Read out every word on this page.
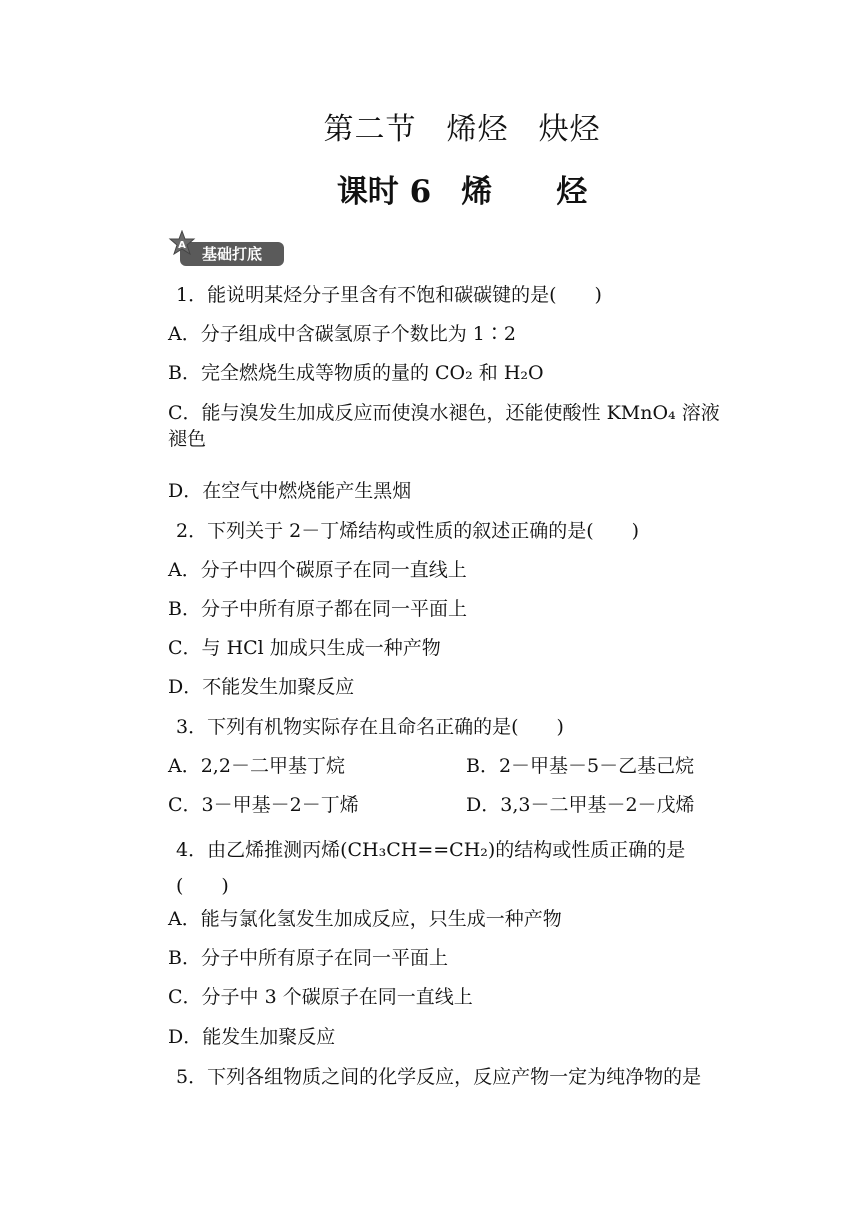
第二节 烯烃 炔烃
课时 6 烯 烃
基础打底
A
1．能说明某烃分子里含有不饱和碳碳键的是(　　)
A．分子组成中含碳氢原子个数比为 1∶2
B．完全燃烧生成等物质的量的 CO₂ 和 H₂O
C．能与溴发生加成反应而使溴水褪色，还能使酸性 KMnO₄ 溶液褪色
D．在空气中燃烧能产生黑烟
2．下列关于 2－丁烯结构或性质的叙述正确的是(　　)
A．分子中四个碳原子在同一直线上
B．分子中所有原子都在同一平面上
C．与 HCl 加成只生成一种产物
D．不能发生加聚反应
3．下列有机物实际存在且命名正确的是(　　)
A．2,2－二甲基丁烷	B．2－甲基－5－乙基己烷
C．3－甲基－2－丁烯	D．3,3－二甲基－2－戊烯
4．由乙烯推测丙烯(CH₃CH==CH₂)的结构或性质正确的是(　　)
A．能与氯化氢发生加成反应，只生成一种产物
B．分子中所有原子在同一平面上
C．分子中 3 个碳原子在同一直线上
D．能发生加聚反应
5．下列各组物质之间的化学反应，反应产物一定为纯净物的是
